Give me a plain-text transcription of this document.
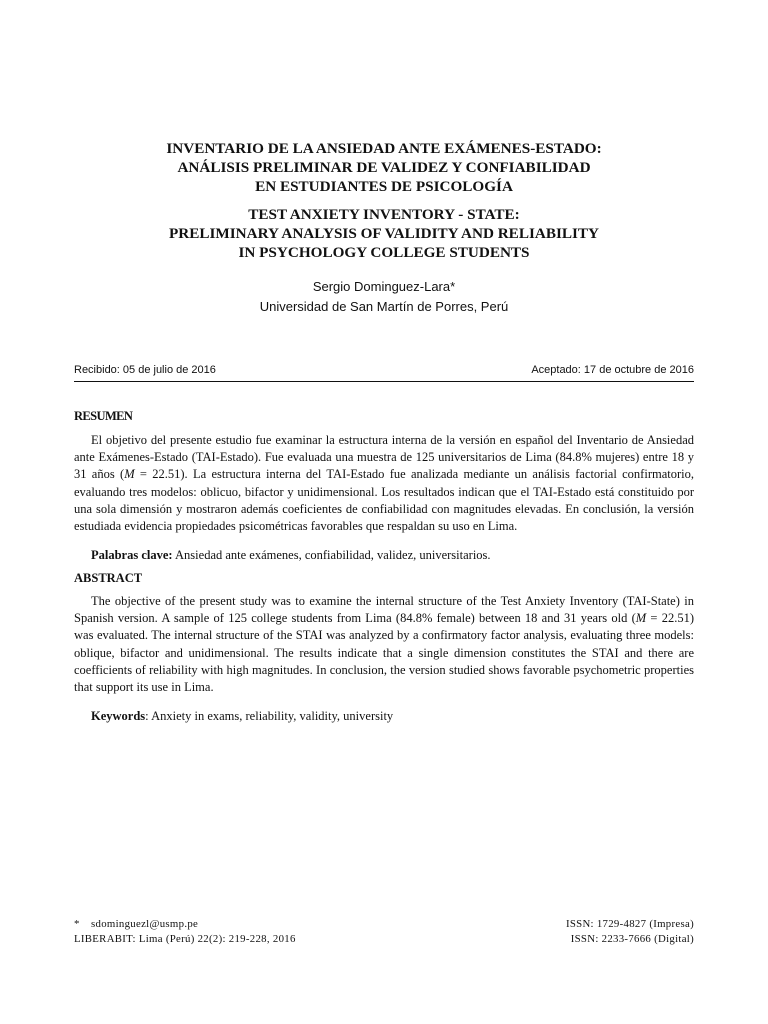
INVENTARIO DE LA ANSIEDAD ANTE EXÁMENES-ESTADO:
ANÁLISIS PRELIMINAR DE VALIDEZ Y CONFIABILIDAD
EN ESTUDIANTES DE PSICOLOGÍA
TEST ANXIETY INVENTORY - STATE:
PRELIMINARY ANALYSIS OF VALIDITY AND RELIABILITY
IN PSYCHOLOGY COLLEGE STUDENTS
Sergio Dominguez-Lara*
Universidad de San Martín de Porres, Perú
Recibido: 05 de julio de 2016	Aceptado: 17 de octubre de 2016

RESUMEN

El objetivo del presente estudio fue examinar la estructura interna de la versión en español del Inventario de Ansiedad ante Exámenes-Estado (TAI-Estado). Fue evaluada una muestra de 125 universitarios de Lima (84.8% mujeres) entre 18 y 31 años (M = 22.51). La estructura interna del TAI-Estado fue analizada mediante un análisis factorial confirmatorio, evaluando tres modelos: oblicuo, bifactor y unidimensional. Los resultados indican que el TAI-Estado está constituido por una sola dimensión y mostraron además coeficientes de confiabilidad con magnitudes elevadas. En conclusión, la versión estudiada evidencia propiedades psicométricas favorables que respaldan su uso en Lima.

Palabras clave: Ansiedad ante exámenes, confiabilidad, validez, universitarios.

ABSTRACT

The objective of the present study was to examine the internal structure of the Test Anxiety Inventory (TAI-State) in Spanish version. A sample of 125 college students from Lima (84.8% female) between 18 and 31 years old (M = 22.51) was evaluated. The internal structure of the STAI was analyzed by a confirmatory factor analysis, evaluating three models: oblique, bifactor and unidimensional. The results indicate that a single dimension constitutes the STAI and there are coefficients of reliability with high magnitudes. In conclusion, the version studied shows favorable psychometric properties that support its use in Lima.

Keywords: Anxiety in exams, reliability, validity, university

* sdominguezl@usmp.pe	ISSN: 1729-4827 (Impresa)
LIBERABIT: Lima (Perú) 22(2): 219-228, 2016	ISSN: 2233-7666 (Digital)
